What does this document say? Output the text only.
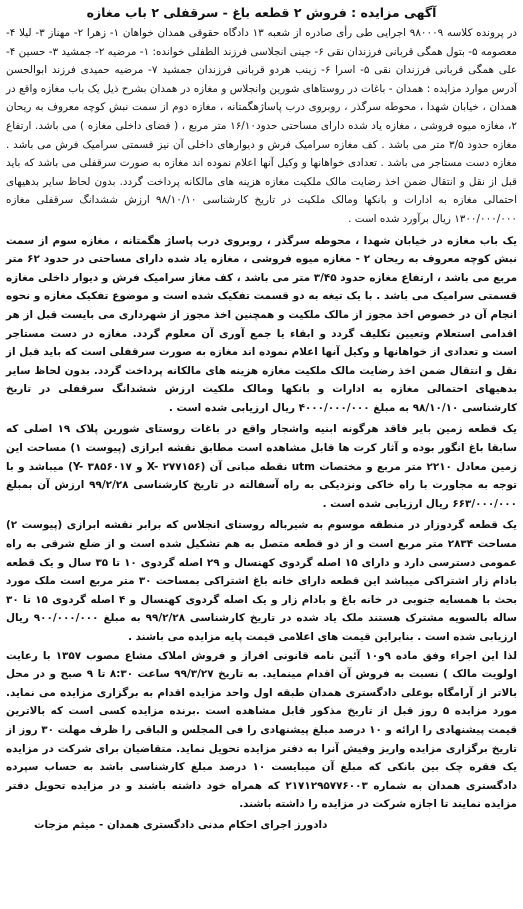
آگهی مزایده : فروش ۲ قطعه باغ - سرقفلی ۲ باب مغازه

در پرونده کلاسه ۹۸۰۰۰۹ اجرایی طی رأی صادره از شعبه ۱۳ دادگاه حقوقی همدان خواهان ۱- زهرا ۲- مهناز ۳- لیلا ۴- معصومه ۵- بتول همگی قربانی فرزندان نقی ۶- جینی انجلاسی فرزند الطفلی خوانده: ۱- مرضیه ۲- جمشید ۳- حسین ۴- علی همگی قربانی فرزندان نقی ۵- اسرا ۶- زینب هردو قربانی فرزندان جمشید ۷- مرضیه حمیدی فرزند ابوالحسن آدرس موارد مزایده : همدان - باغات در روستاهای شورین وانجلاس و مغازه در همدان بشرح ذیل یک باب مغازه واقع در همدان ، خیابان شهدا ، محوطه سرگذر ، روبروی درب پاساژهگمتانه ، مغازه دوم از سمت نبش کوچه معروف به ریحان ۲، مغازه میوه فروشی ، مغازه یاد شده دارای مساحتی حدود۱۶/۱۰ متر مربع ، ( فضای داخلی مغازه ) می باشد. ارتفاع مغازه حدود ۳/۵ متر می باشد . کف مغازه سرامیک فرش و دیوارهای داخلی آن نیز قسمتی سرامیک فرش می باشد . مغازه دست مستاجر می باشد . تعدادی خواهانها و وکیل آنها اعلام نموده اند مغازه به صورت سرقفلی می باشد که باید قبل از نقل و انتقال ضمن اخذ رضایت مالک ملکیت مغازه هزینه های مالکانه پرداخت گردد. بدون لحاظ سایر بدهیهای احتمالی مغازه به ادارات و بانکها ومالک ملکیت در تاریخ کارشناسی ۹۸/۱۰/۱۰ ارزش ششدانگ سرقفلی مغازه ۱۳۰۰/۰۰۰/۰۰۰ ریال برآورد شده است .

یک باب مغازه در خیابان شهدا ، محوطه سرگذر ، روبروی درب پاساژ هگمتانه ، مغازه سوم از سمت نبش کوچه معروف به ریحان ۲ - مغازه میوه فروشی ، مغازه یاد شده دارای مساحتی در حدود ۶۲ متر مربع می باشد ، ارتفاع مغازه حدود ۳/۴۵ متر می باشد ، کف مغاز سرامیک فرش و دیوار داخلی مغازه قسمتی سرامیک می باشد . با یک تیغه به دو قسمت تفکیک شده است و موضوع تفکیک مغازه و نحوه انجام آن در خصوص اخذ مجوز از مالک ملکیت و همچنین اخذ مجوز از شهرداری می بایست قبل از هر اقدامی استعلام وتعیین تکلیف گردد و ابقاء یا جمع آوری آن معلوم گردد. مغازه در دست مستاجر است و تعدادی از خواهانها و وکیل آنها اعلام نموده اند مغازه به صورت سرقفلی است که باید قبل از نقل و انتقال ضمن اخذ رضایت مالک ملکیت مغازه هزینه های مالکانه پرداخت گردد. بدون لحاظ سایر بدهیهای احتمالی مغازه به ادارات و بانکها ومالک ملکیت ارزش ششدانگ سرقفلی در تاریخ کارشناسی ۹۸/۱۰/۱۰ به مبلغ ۴۰۰۰/۰۰۰/۰۰۰ ریال ارزیابی شده است .

یک قطعه زمین بایر فاقد هرگونه ابنیه واشجار واقع در باغات روستای شورین پلاک ۱۹ اصلی که سابقا باغ انگور بوده و آثار کرت ها قابل مشاهده است مطابق نقشه ابرازی (پیوست ۱) مساحت این زمین معادل ۲۲۱۰ متر مربع و مختصات utm نقطه مبانی آن (X- ۲۷۷۱۵۶ و Y- ۳۸۵۶۰۱۷) میباشد و با توجه به مجاورت با راه خاکی ونزدیکی به راه آسفالته در تاریخ کارشناسی ۹۹/۲/۲۸ ارزش آن بمبلغ ۶۶۳/۰۰۰/۰۰۰ ریال ارزیابی شده است .

یک قطعه گردوزار در منطقه موسوم به شیرباله روستای انجلاس که برابر نقشه ابرازی (پیوست ۲) مساحت ۲۸۳۴ متر مربع است و از دو قطعه متصل به هم تشکیل شده است و از ضلع شرقی به راه عمومی دسترسی دارد و دارای ۱۵ اصله گردوی کهنسال و ۲۹ اصله گردوی ۱۰ تا ۳۵ سال و یک قطعه بادام زار اشتراکی میباشد این قطعه دارای خانه باغ اشتراکی بمساحت ۳۰ متر مربع است ملک مورد بحث با همسایه جنوبی در خانه باغ و بادام زار و یک اصله گردوی کهنسال و ۴ اصله گردوی ۱۵ تا ۳۰ ساله بالسویه مشترک هستند ملک یاد شده در تاریخ کارشناسی ۹۹/۲/۲۸ به مبلغ ۹۰۰/۰۰۰/۰۰۰ ریال ارزیابی شده است . بنابراین قیمت های اعلامی قیمت پایه مزایده می باشند .

لذا این اجراء وفق ماده ۹و۱۰ آئین نامه قانونی افراز و فروش املاک مشاع مصوب ۱۳۵۷ با رعایت اولویت مالک ) نسبت به فروش آن اقدام مینماید. به تاریخ ۹۹/۳/۲۷ ساعت ۸:۳۰ تا ۹ صبح و در محل بالاتر از آرامگاه بوعلی دادگستری همدان طبقه اول واحد مزایده اقدام به برگزاری مزایده می نماید. مورد مزایده ۵ روز قبل از تاریخ مذکور قابل مشاهده است .برنده مزایده کسی است که بالاترین قیمت پیشنهادی را ارائه و ۱۰ درصد مبلغ پیشنهادی را فی المجلس و الباقی را ظرف مهلت ۳۰ روز از تاریخ برگزاری مزایده واریز وفیش آنرا به دفتر مزایده تحویل نماید. متقاضیان برای شرکت در مزایده یک فقره چک بین بانکی که مبلغ آن میبایست ۱۰ درصد مبلغ کارشناسی باشد به حساب سپرده دادگستری همدان به شماره ۲۱۷۱۲۹۵۷۷۶۰۰۳ که همراه خود داشته باشند و در مزایده تحویل دفتر مزایده نمایند تا اجازه شرکت در مزایده را داشته باشند.

دادورز اجرای احکام مدنی دادگستری همدان - میثم مزجات
